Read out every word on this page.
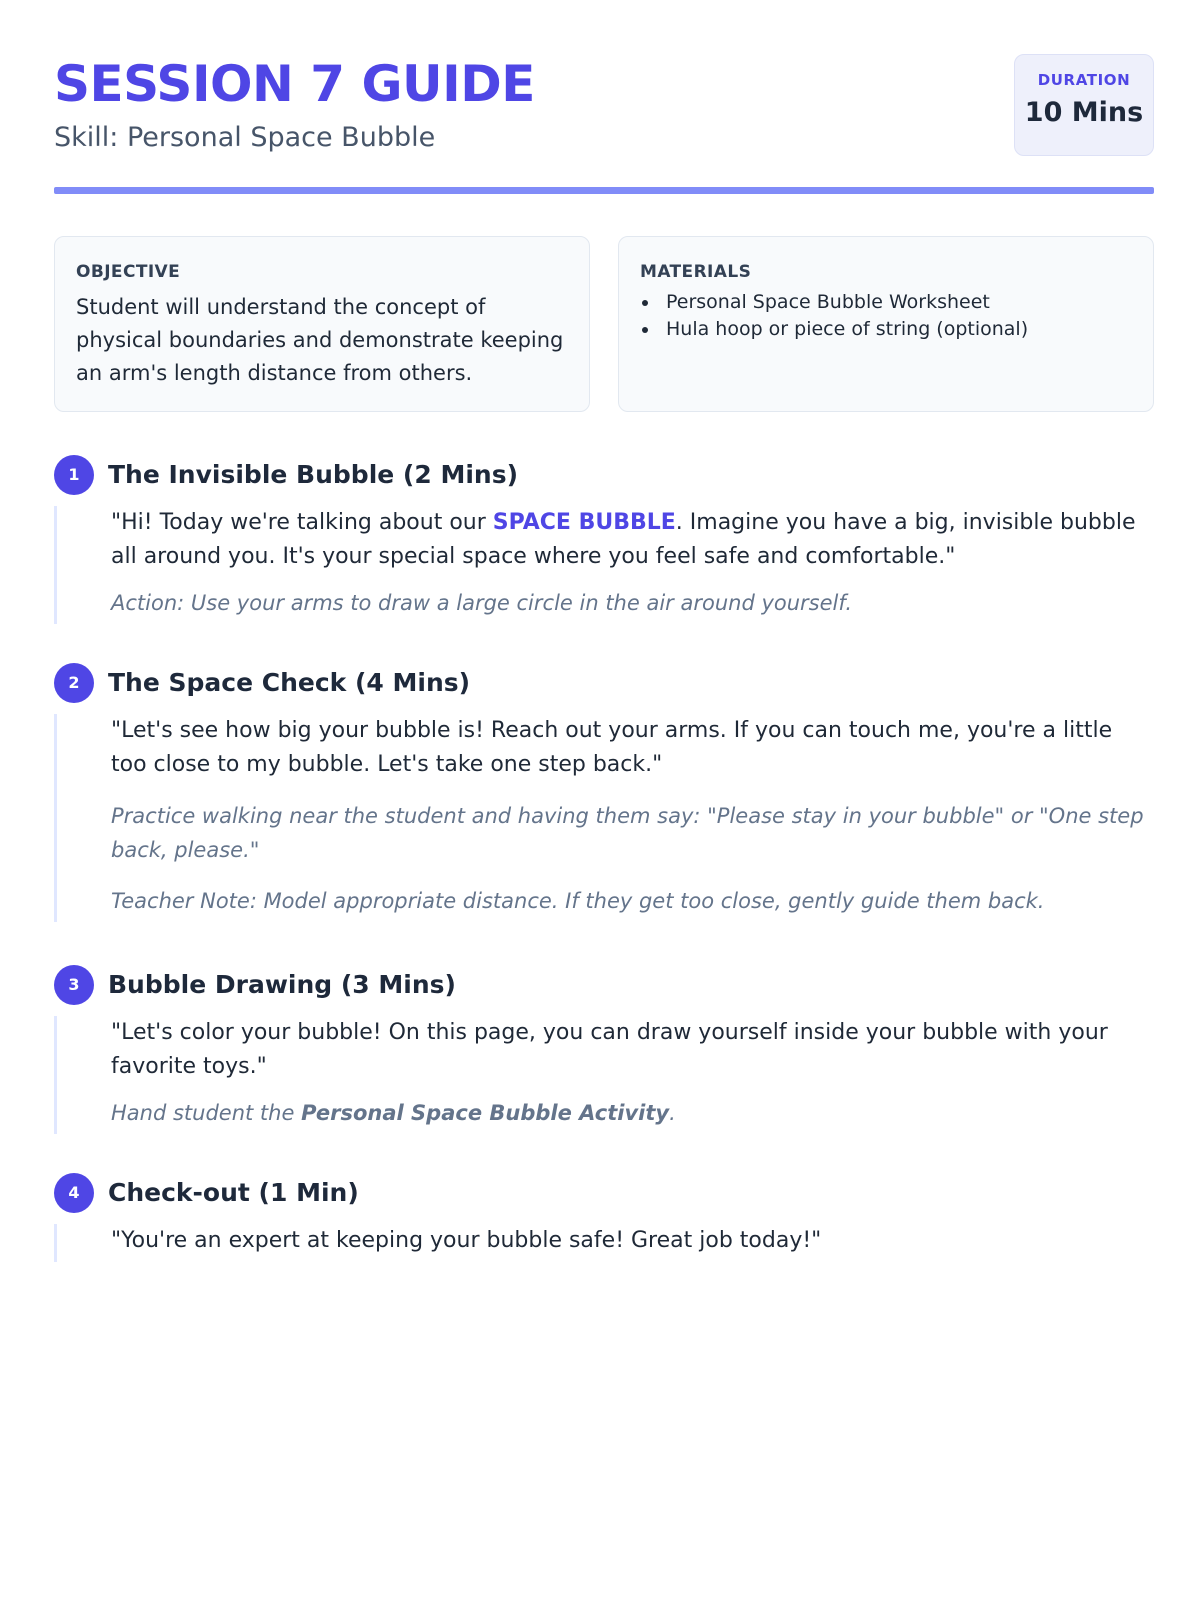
SESSION 7 GUIDE
Skill: Personal Space Bubble
DURATION
10 Mins
OBJECTIVE
Student will understand the concept of physical boundaries and demonstrate keeping an arm's length distance from others.
MATERIALS
Personal Space Bubble Worksheet
Hula hoop or piece of string (optional)
1	The Invisible Bubble (2 Mins)

"Hi! Today we're talking about our SPACE BUBBLE. Imagine you have a big, invisible bubble all around you. It's your special space where you feel safe and comfortable."

Action: Use your arms to draw a large circle in the air around yourself.

2	The Space Check (4 Mins)

"Let's see how big your bubble is! Reach out your arms. If you can touch me, you're a little too close to my bubble. Let's take one step back."

Practice walking near the student and having them say: "Please stay in your bubble" or "One step back, please."

Teacher Note: Model appropriate distance. If they get too close, gently guide them back.

3	Bubble Drawing (3 Mins)

"Let's color your bubble! On this page, you can draw yourself inside your bubble with your favorite toys."

Hand student the Personal Space Bubble Activity.

4	Check-out (1 Min)

"You're an expert at keeping your bubble safe! Great job today!"
